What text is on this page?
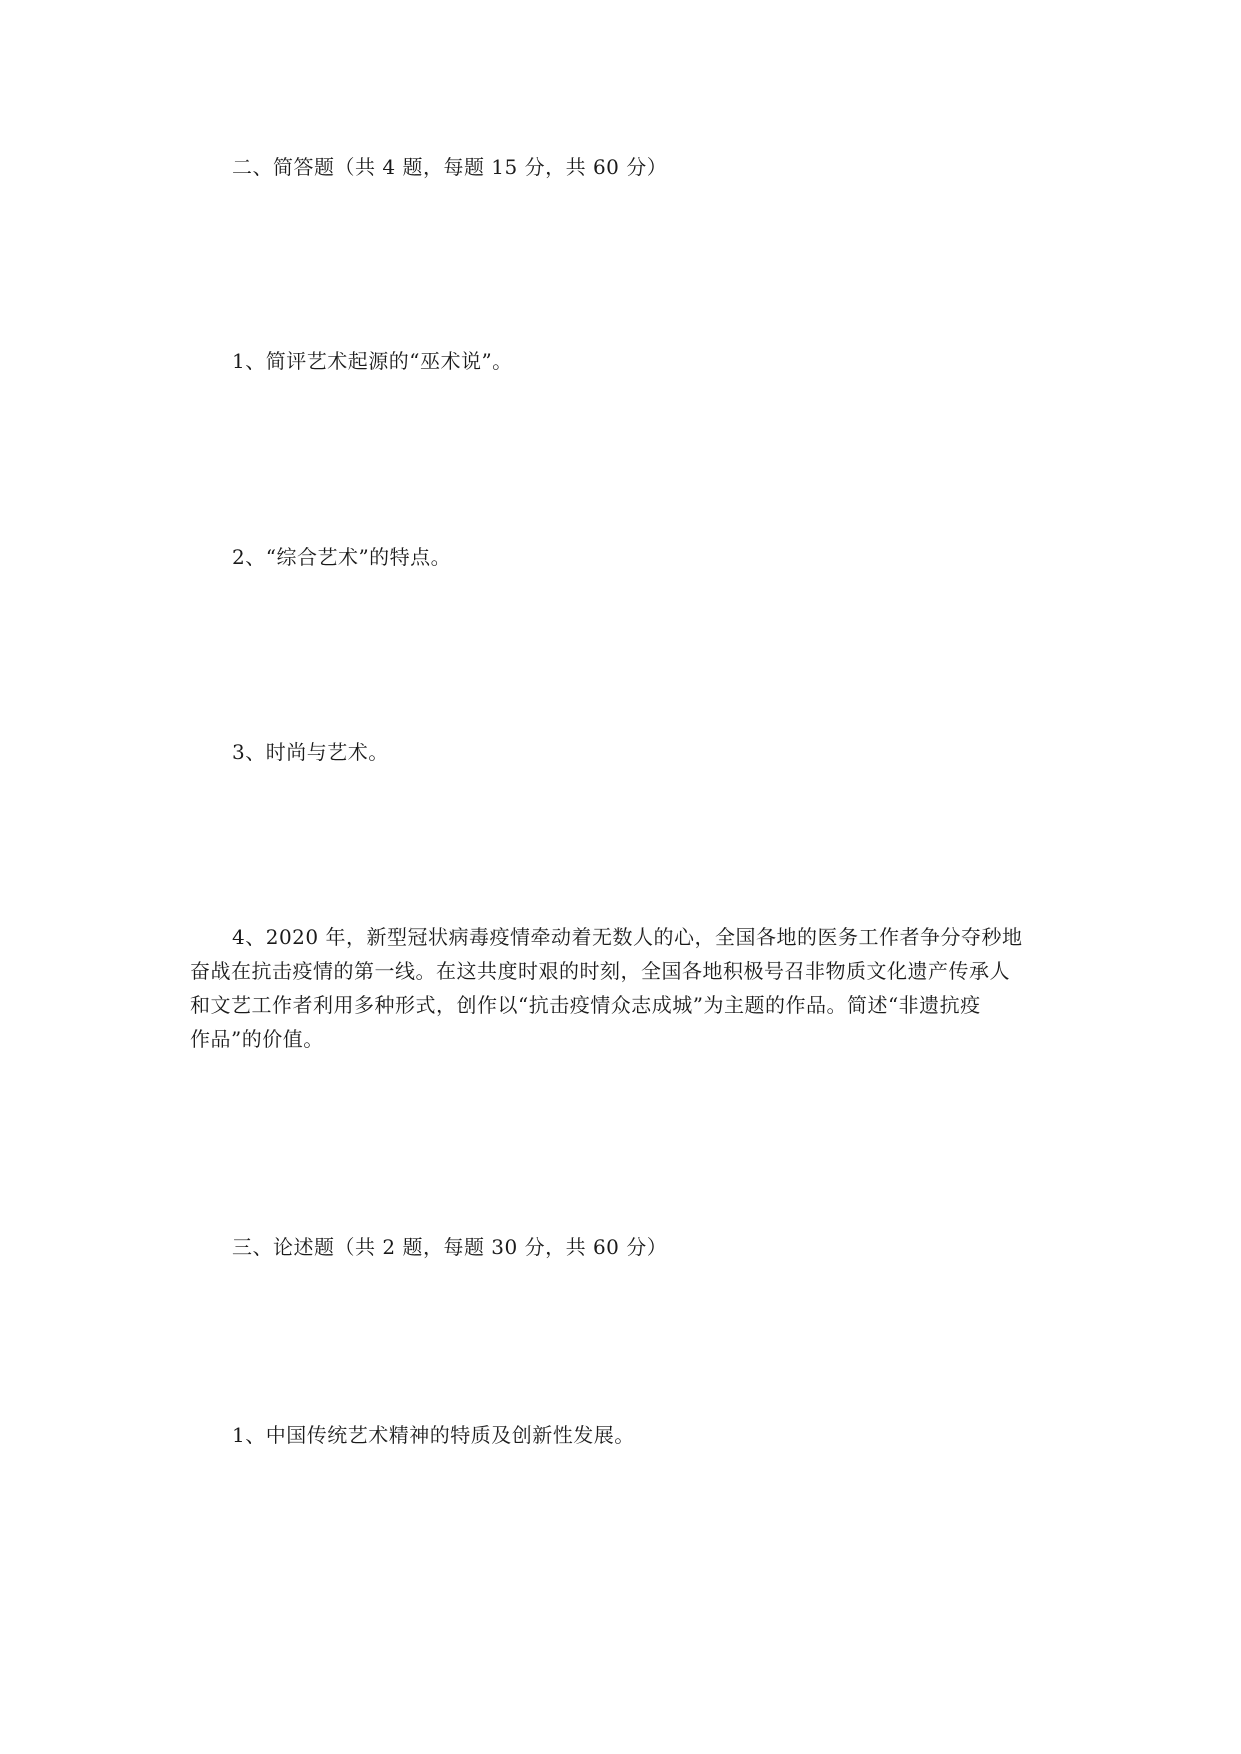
二、简答题（共 4 题，每题 15 分，共 60 分）
1、简评艺术起源的“巫术说”。
2、“综合艺术”的特点。
3、时尚与艺术。
4、2020 年，新型冠状病毒疫情牵动着无数人的心，全国各地的医务工作者争分夺秒地
奋战在抗击疫情的第一线。在这共度时艰的时刻，全国各地积极号召非物质文化遗产传承人
和文艺工作者利用多种形式，创作以“抗击疫情众志成城”为主题的作品。简述“非遗抗疫
作品”的价值。
三、论述题（共 2 题，每题 30 分，共 60 分）
1、中国传统艺术精神的特质及创新性发展。
